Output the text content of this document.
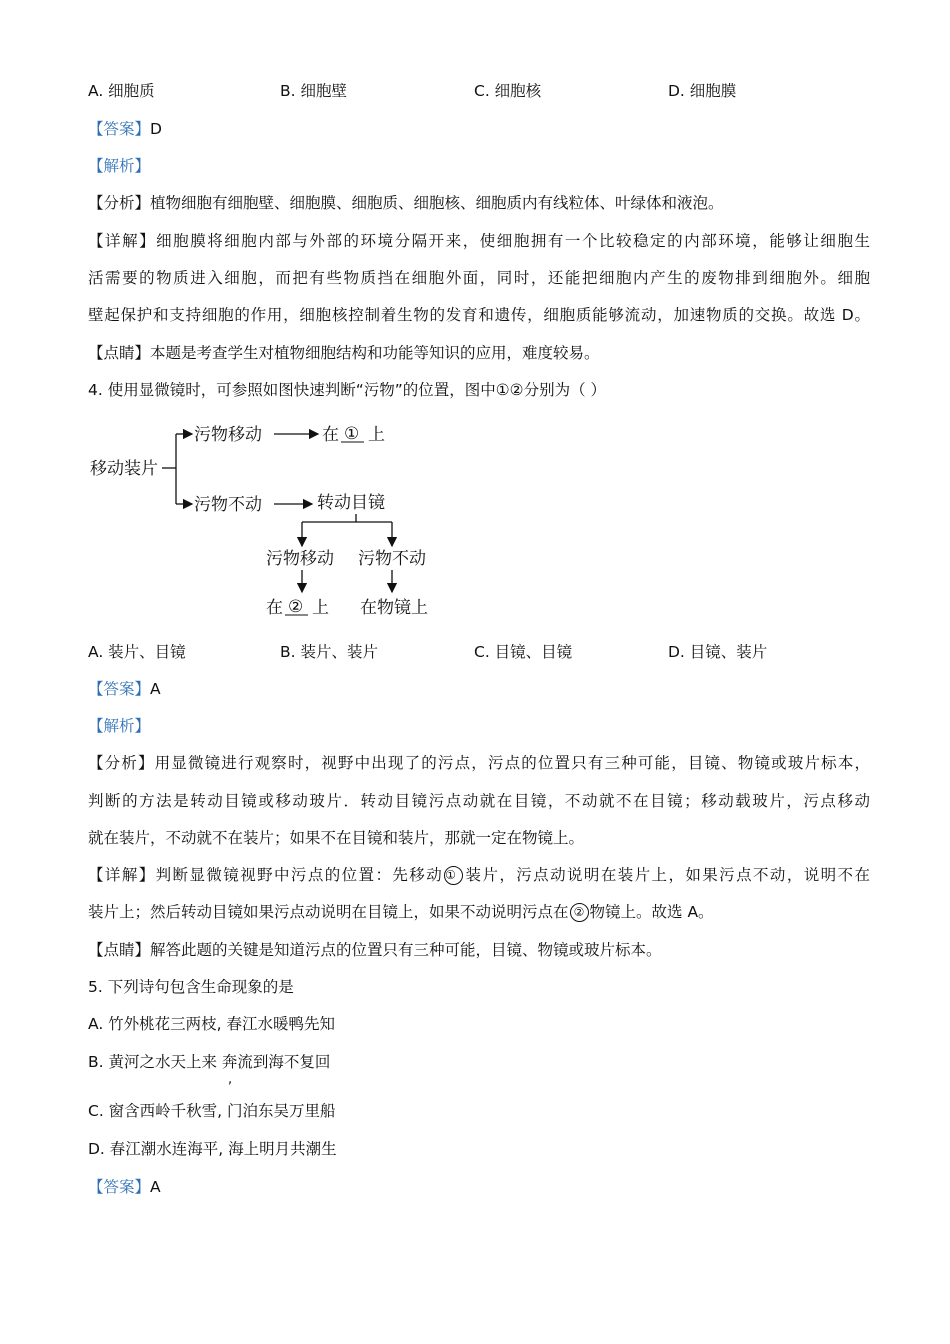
A. 细胞质	B. 细胞壁	C. 细胞核	D. 细胞膜
【答案】D
【解析】
【分析】植物细胞有细胞壁、细胞膜、细胞质、细胞核、细胞质内有线粒体、叶绿体和液泡。
【详解】细胞膜将细胞内部与外部的环境分隔开来，使细胞拥有一个比较稳定的内部环境，能够让细胞生
活需要的物质进入细胞，而把有些物质挡在细胞外面，同时，还能把细胞内产生的废物排到细胞外。细胞
壁起保护和支持细胞的作用，细胞核控制着生物的发育和遗传，细胞质能够流动，加速物质的交换。故选 D。
【点睛】本题是考查学生对植物细胞结构和功能等知识的应用，难度较易。
4. 使用显微镜时，可参照如图快速判断“污物”的位置，图中①②分别为（ ）
移动装片
污物移动	在 ① 上
污物不动	转动目镜
污物移动 污物不动
在 ② 上 在物镜上
A. 装片、目镜	B. 装片、装片	C. 目镜、目镜	D. 目镜、装片
【答案】A
【解析】
【分析】用显微镜进行观察时，视野中出现了的污点，污点的位置只有三种可能，目镜、物镜或玻片标本，
判断的方法是转动目镜或移动玻片．转动目镜污点动就在目镜，不动就不在目镜；移动载玻片，污点移动
就在装片，不动就不在装片；如果不在目镜和装片，那就一定在物镜上。
【详解】判断显微镜视野中污点的位置：先移动 ① 装片，污点动说明在装片上，如果污点不动，说明不在
装片上；然后转动目镜如果污点动说明在目镜上，如果不动说明污点在 ② 物镜上。故选 A。
【点睛】解答此题的关键是知道污点的位置只有三种可能，目镜、物镜或玻片标本。
5. 下列诗句包含生命现象的是
A. 竹外桃花三两枝, 春江水暖鸭先知
B. 黄河之水天上来 奔流到海不复回
,
C. 窗含西岭千秋雪, 门泊东吴万里船
D. 春江潮水连海平, 海上明月共潮生
【答案】A
